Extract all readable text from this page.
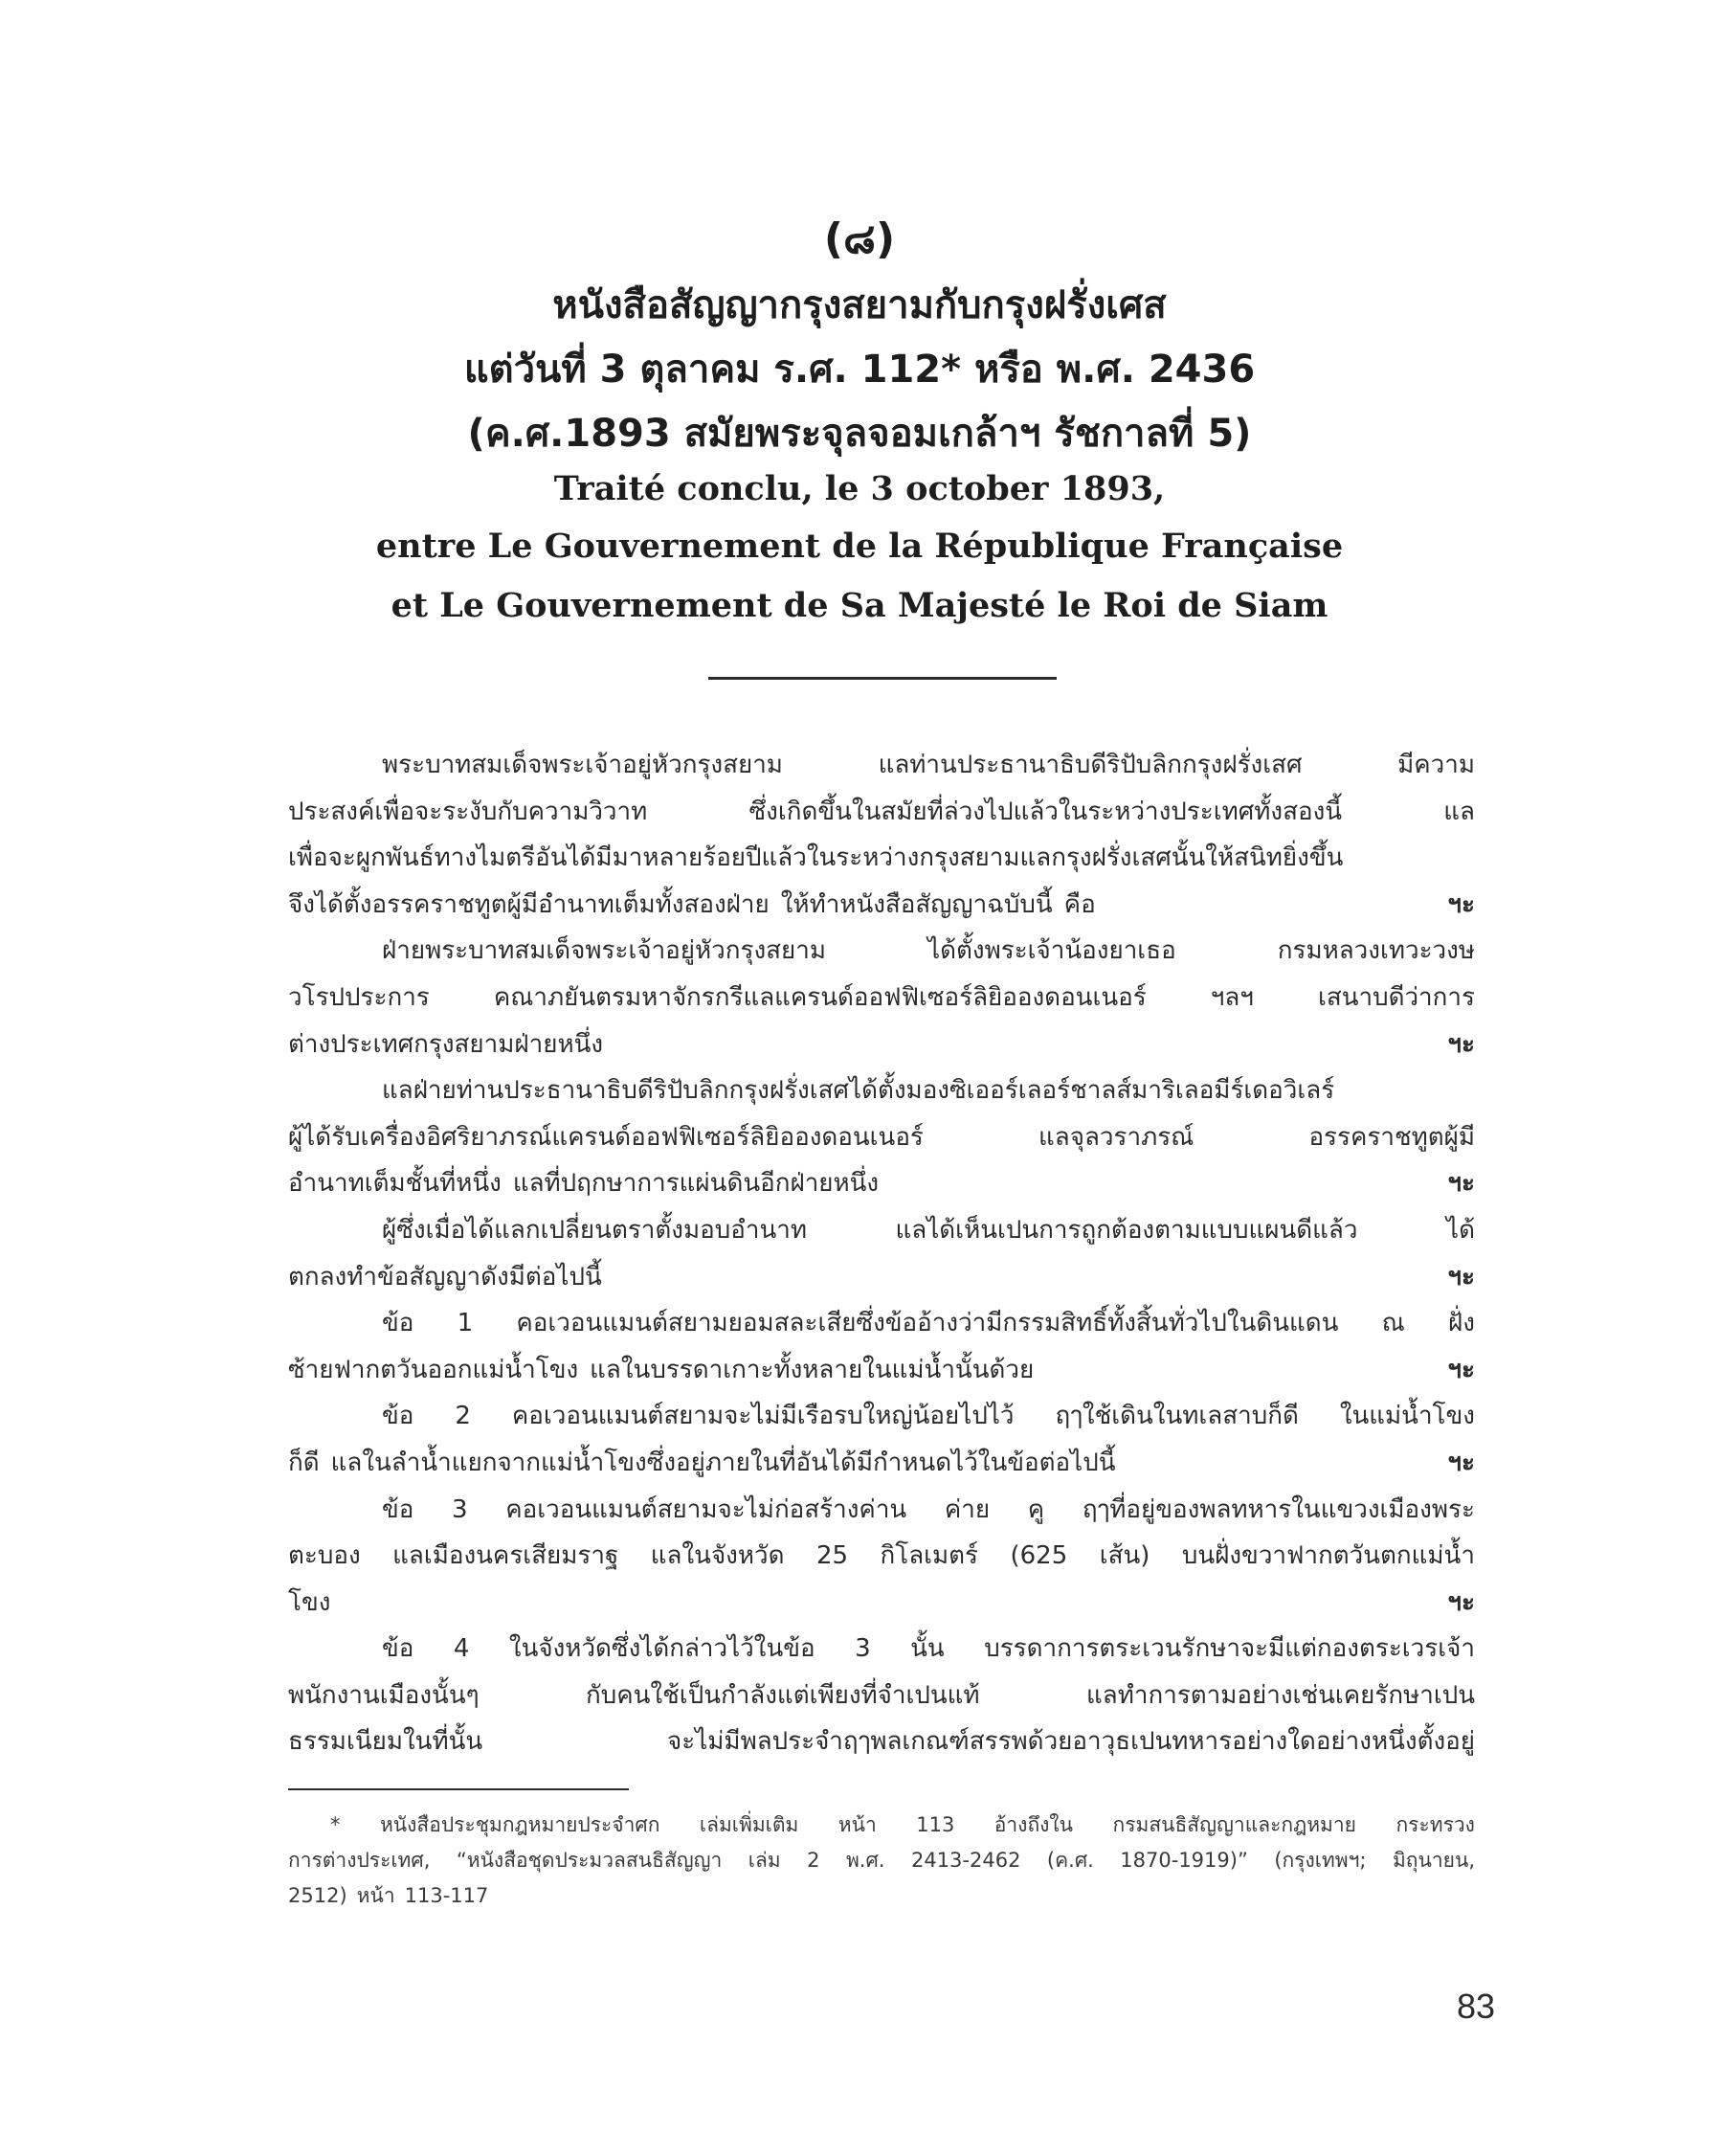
(๘)
หนังสือสัญญากรุงสยามกับกรุงฝรั่งเศส
แต่วันที่ 3 ตุลาคม ร.ศ. 112* หรือ พ.ศ. 2436
(ค.ศ.1893 สมัยพระจุลจอมเกล้าฯ รัชกาลที่ 5)
Traité conclu, le 3 october 1893,
entre Le Gouvernement de la République Française
et Le Gouvernement de Sa Majesté le Roi de Siam
พระบาทสมเด็จพระเจ้าอยู่หัวกรุงสยาม	แลท่านประธานาธิบดีริปับลิกกรุงฝรั่งเสศ	มีความ
ประสงค์เพื่อจะระงับกับความวิวาท	ซึ่งเกิดขึ้นในสมัยที่ล่วงไปแล้วในระหว่างประเทศทั้งสองนี้	แล
เพื่อจะผูกพันธ์ทางไมตรีอันได้มีมาหลายร้อยปีแล้วในระหว่างกรุงสยามแลกรุงฝรั่งเสศนั้นให้สนิทยิ่งขึ้น
จึงได้ตั้งอรรคราชทูตผู้มีอำนาทเต็มทั้งสองฝ่าย ให้ทำหนังสือสัญญาฉบับนี้ คือ	ฯะ
ฝ่ายพระบาทสมเด็จพระเจ้าอยู่หัวกรุงสยาม	ได้ตั้งพระเจ้าน้องยาเธอ	กรมหลวงเทวะวงษ
วโรปประการ	คณาภยันตรมหาจักรกรีแลแครนด์ออฟฟิเซอร์ลิยิอองดอนเนอร์	ฯลฯ	เสนาบดีว่าการ
ต่างประเทศกรุงสยามฝ่ายหนึ่ง	ฯะ
แลฝ่ายท่านประธานาธิบดีริปับลิกกรุงฝรั่งเสศได้ตั้งมองซิเออร์เลอร์ชาลส์มาริเลอมีร์เดอวิเลร์
ผู้ได้รับเครื่องอิศริยาภรณ์แครนด์ออฟฟิเซอร์ลิยิอองดอนเนอร์	แลจุลวราภรณ์	อรรคราชทูตผู้มี
อำนาทเต็มชั้นที่หนึ่ง แลที่ปฤกษาการแผ่นดินอีกฝ่ายหนึ่ง	ฯะ
ผู้ซึ่งเมื่อได้แลกเปลี่ยนตราตั้งมอบอำนาท	แลได้เห็นเปนการถูกต้องตามแบบแผนดีแล้ว	ได้
ตกลงทำข้อสัญญาดังมีต่อไปนี้	ฯะ
ข้อ 1 คอเวอนแมนต์สยามยอมสละเสียซึ่งข้ออ้างว่ามีกรรมสิทธิ์ทั้งสิ้นทั่วไปในดินแดน ณ ฝั่ง
ซ้ายฟากตวันออกแม่น้ำโขง แลในบรรดาเกาะทั้งหลายในแม่น้ำนั้นด้วย	ฯะ
ข้อ 2 คอเวอนแมนต์สยามจะไม่มีเรือรบใหญ่น้อยไปไว้ ฤๅใช้เดินในทเลสาบก็ดี ในแม่น้ำโขง
ก็ดี แลในลำน้ำแยกจากแม่น้ำโขงซึ่งอยู่ภายในที่อันได้มีกำหนดไว้ในข้อต่อไปนี้	ฯะ
ข้อ 3 คอเวอนแมนต์สยามจะไม่ก่อสร้างค่าน ค่าย คู ฤๅที่อยู่ของพลทหารในแขวงเมืองพระ
ตะบอง แลเมืองนครเสียมราฐ แลในจังหวัด 25 กิโลเมตร์ (625 เส้น) บนฝั่งขวาฟากตวันตกแม่น้ำ
โขง	ฯะ
ข้อ 4 ในจังหวัดซึ่งได้กล่าวไว้ในข้อ 3 นั้น บรรดาการตระเวนรักษาจะมีแต่กองตระเวรเจ้า
พนักงานเมืองนั้นๆ	กับคนใช้เป็นกำลังแต่เพียงที่จำเปนแท้	แลทำการตามอย่างเช่นเคยรักษาเปน
ธรรมเนียมในที่นั้น	จะไม่มีพลประจำฤๅพลเกณฑ์สรรพด้วยอาวุธเปนทหารอย่างใดอย่างหนึ่งตั้งอยู่
* หนังสือประชุมกฎหมายประจำศก เล่มเพิ่มเติม หน้า 113 อ้างถึงใน กรมสนธิสัญญาและกฎหมาย กระทรวง
การต่างประเทศ, “หนังสือชุดประมวลสนธิสัญญา เล่ม 2 พ.ศ. 2413-2462 (ค.ศ. 1870-1919)” (กรุงเทพฯ; มิถุนายน,
2512) หน้า 113-117
83
